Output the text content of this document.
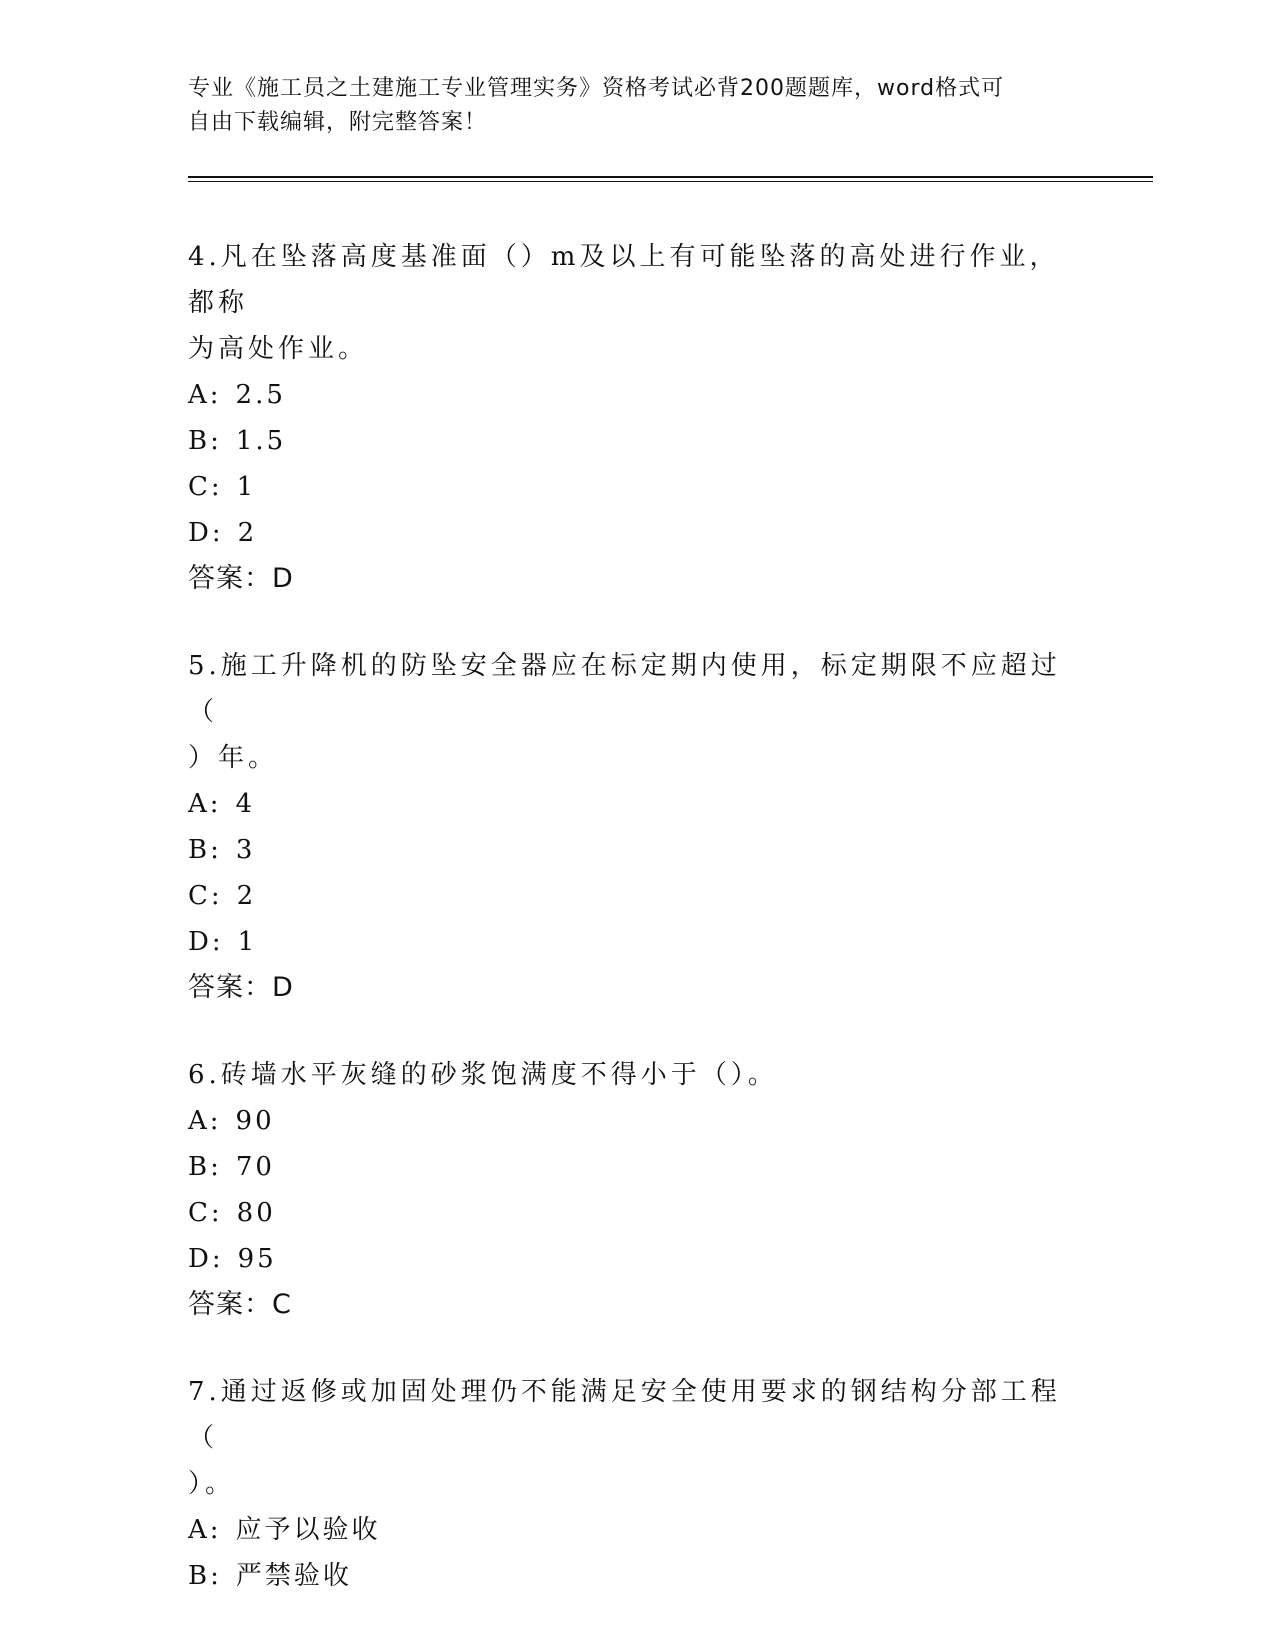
专业《施工员之土建施工专业管理实务》资格考试必背200题题库，word格式可
自由下载编辑，附完整答案！
4.凡在坠落高度基准面（）m及以上有可能坠落的高处进行作业，都称
为高处作业。
A: 2.5
B: 1.5
C: 1
D: 2
答案：D
5.施工升降机的防坠安全器应在标定期内使用，标定期限不应超过（
）年。
A: 4
B: 3
C: 2
D: 1
答案：D
6.砖墙水平灰缝的砂浆饱满度不得小于（）。
A: 90
B: 70
C: 80
D: 95
答案：C
7.通过返修或加固处理仍不能满足安全使用要求的钢结构分部工程（
）。
A: 应予以验收
B: 严禁验收
